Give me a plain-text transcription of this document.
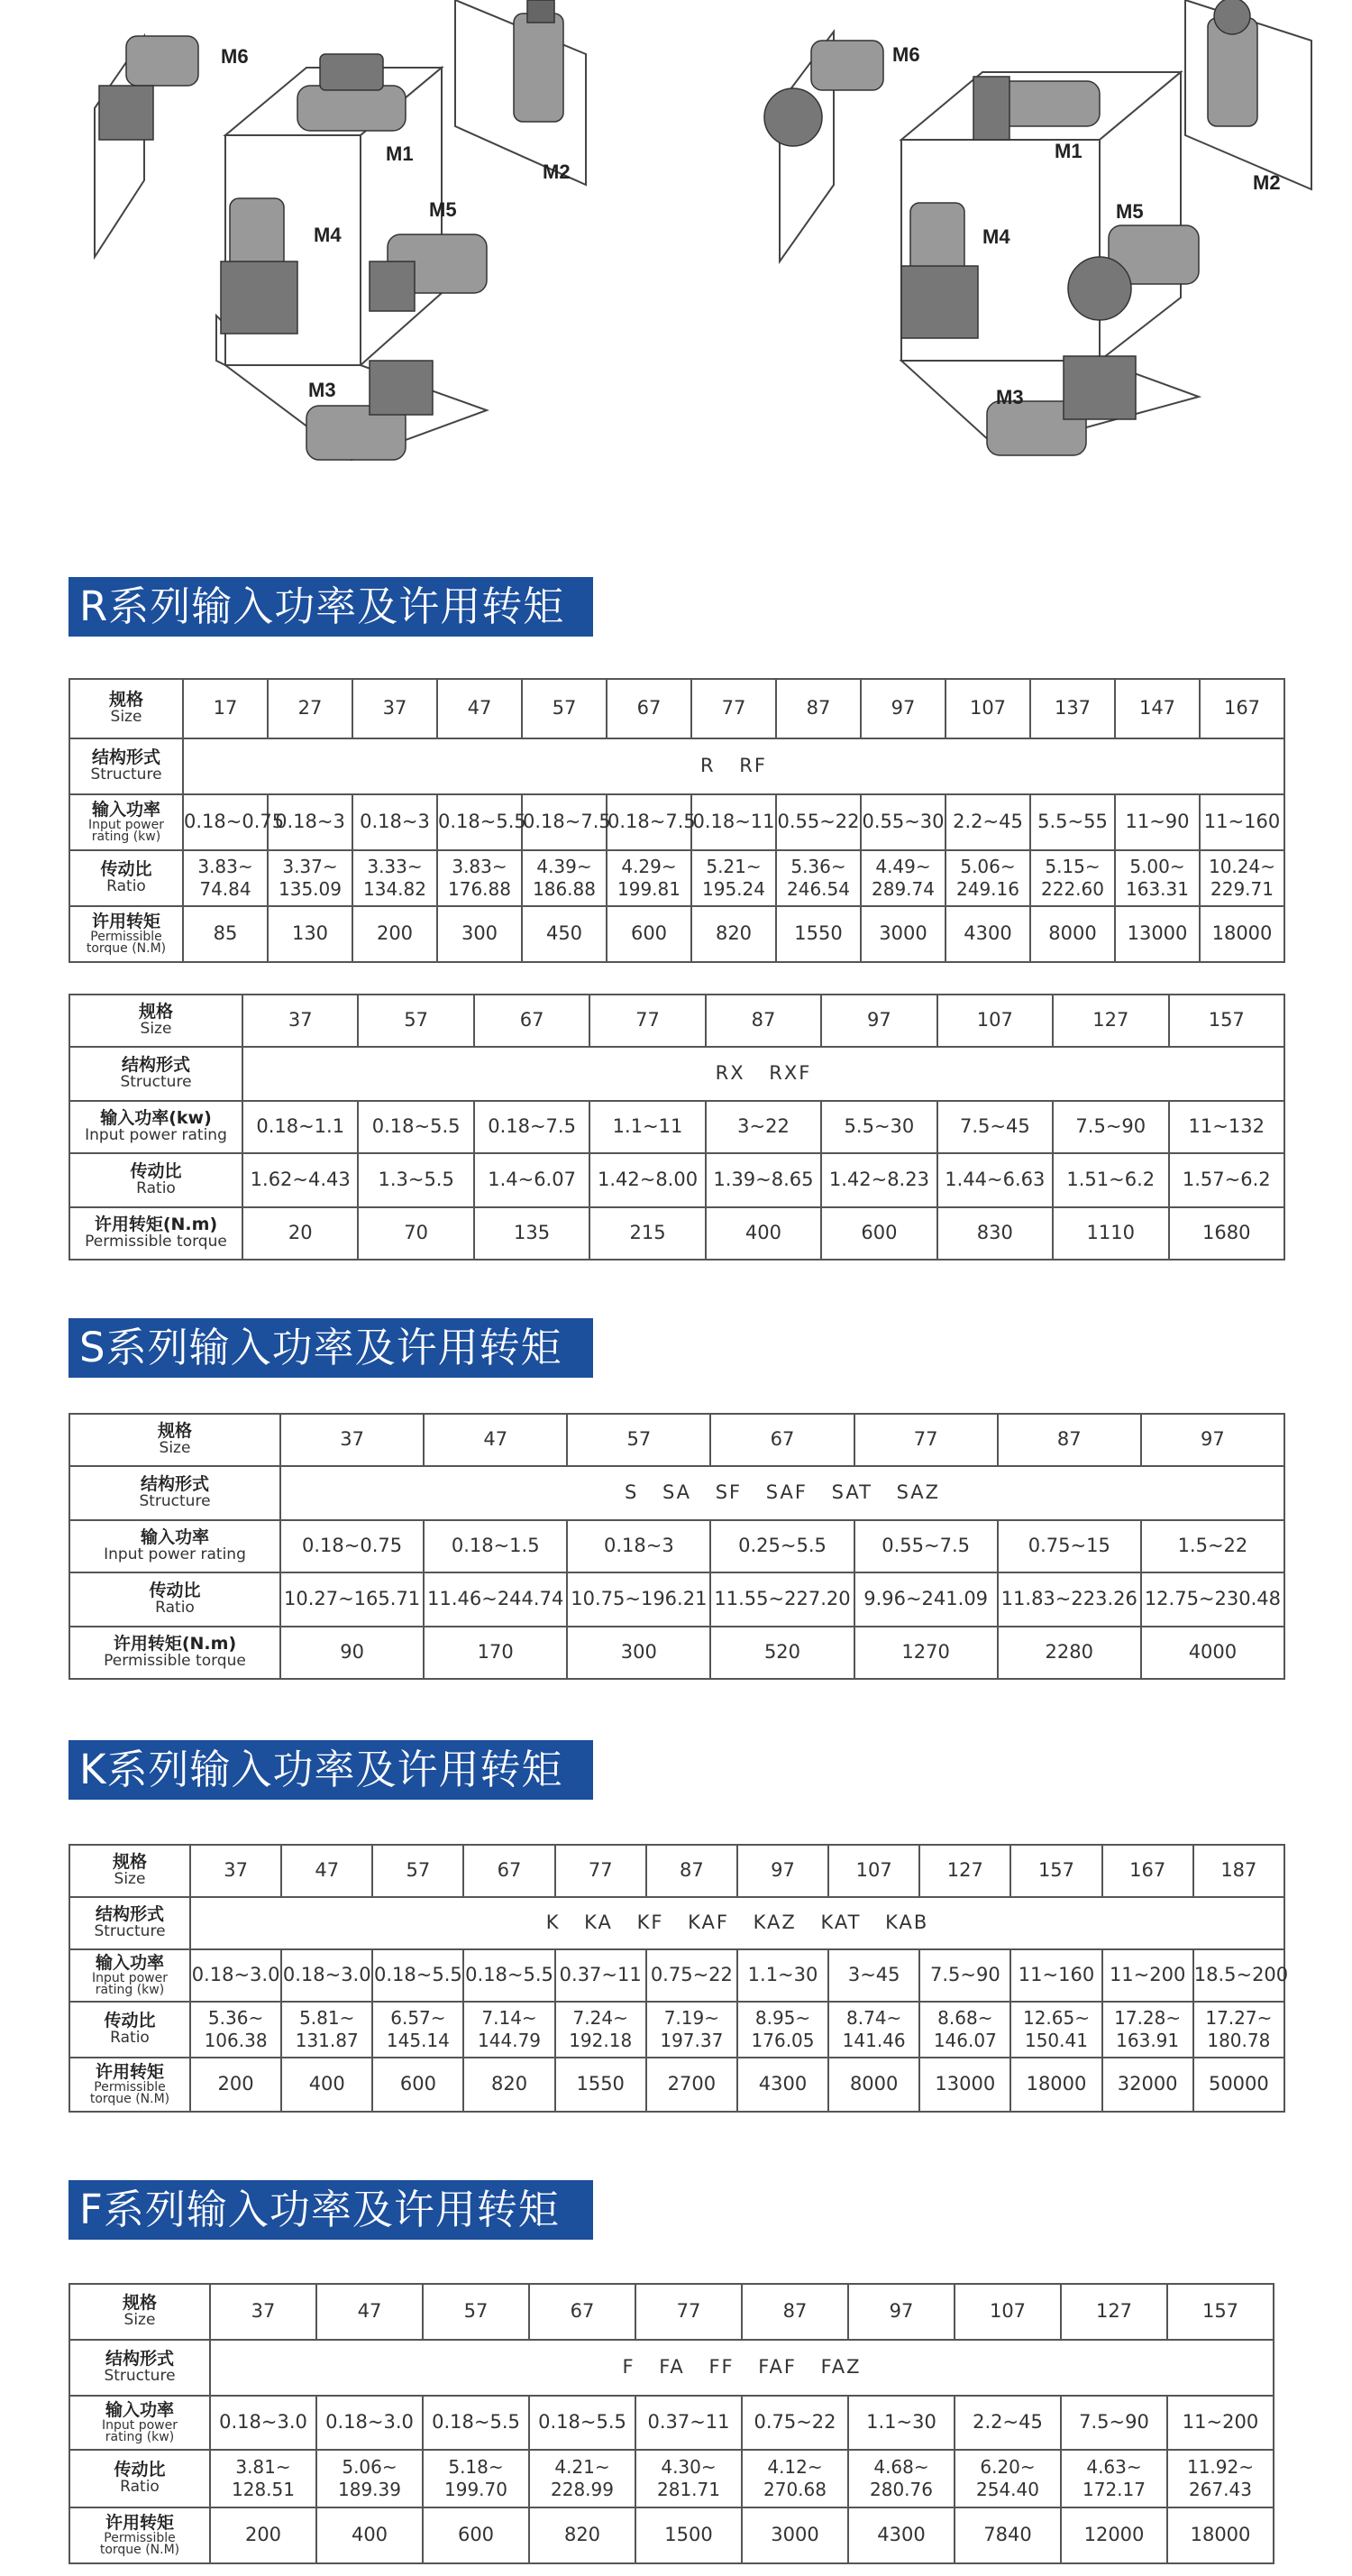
M6
M1
M2
M4
M5
M3
M6
M1
M2
M4
M5
M3
R系列输入功率及许用转矩
规格
Size	17	27	37	47	57	67	77	87	97	107	137	147	167

结构形式
Structure	R RF												

输入功率
Input power
rating (kw)	0.18~0.75	0.18~3	0.18~3	0.18~5.5	0.18~7.5	0.18~7.5	0.18~11	0.55~22	0.55~30	2.2~45	5.5~55	11~90	11~160

传动比
Ratio	3.83~
74.84	3.37~
135.09	3.33~
134.82	3.83~
176.88	4.39~
186.88	4.29~
199.81	5.21~
195.24	5.36~
246.54	4.49~
289.74	5.06~
249.16	5.15~
222.60	5.00~
163.31	10.24~
229.71

许用转矩
Permissible
torque (N.M)	85	130	200	300	450	600	820	1550	3000	4300	8000	13000	18000
规格
Size	37	57	67	77	87	97	107	127	157

结构形式
Structure	RX RXF								

输入功率(kw)
Input power rating	0.18~1.1	0.18~5.5	0.18~7.5	1.1~11	3~22	5.5~30	7.5~45	7.5~90	11~132

传动比
Ratio	1.62~4.43	1.3~5.5	1.4~6.07	1.42~8.00	1.39~8.65	1.42~8.23	1.44~6.63	1.51~6.2	1.57~6.2

许用转矩(N.m)
Permissible torque	20	70	135	215	400	600	830	1110	1680
S系列输入功率及许用转矩
规格
Size	37	47	57	67	77	87	97

结构形式
Structure	S SA SF SAF SAT SAZ						

输入功率
Input power rating	0.18~0.75	0.18~1.5	0.18~3	0.25~5.5	0.55~7.5	0.75~15	1.5~22

传动比
Ratio	10.27~165.71	11.46~244.74	10.75~196.21	11.55~227.20	9.96~241.09	11.83~223.26	12.75~230.48

许用转矩(N.m)
Permissible torque	90	170	300	520	1270	2280	4000
K系列输入功率及许用转矩
规格
Size	37	47	57	67	77	87	97	107	127	157	167	187

结构形式
Structure	K KA KF KAF KAZ KAT KAB											

输入功率
Input power
rating (kw)	0.18~3.0	0.18~3.0	0.18~5.5	0.18~5.5	0.37~11	0.75~22	1.1~30	3~45	7.5~90	11~160	11~200	18.5~200

传动比
Ratio	5.36~
106.38	5.81~
131.87	6.57~
145.14	7.14~
144.79	7.24~
192.18	7.19~
197.37	8.95~
176.05	8.74~
141.46	8.68~
146.07	12.65~
150.41	17.28~
163.91	17.27~
180.78

许用转矩
Permissible
torque (N.M)	200	400	600	820	1550	2700	4300	8000	13000	18000	32000	50000
F系列输入功率及许用转矩
规格
Size	37	47	57	67	77	87	97	107	127	157

结构形式
Structure	F FA FF FAF FAZ									

输入功率
Input power
rating (kw)	0.18~3.0	0.18~3.0	0.18~5.5	0.18~5.5	0.37~11	0.75~22	1.1~30	2.2~45	7.5~90	11~200

传动比
Ratio	3.81~
128.51	5.06~
189.39	5.18~
199.70	4.21~
228.99	4.30~
281.71	4.12~
270.68	4.68~
280.76	6.20~
254.40	4.63~
172.17	11.92~
267.43

许用转矩
Permissible
torque (N.M)	200	400	600	820	1500	3000	4300	7840	12000	18000
